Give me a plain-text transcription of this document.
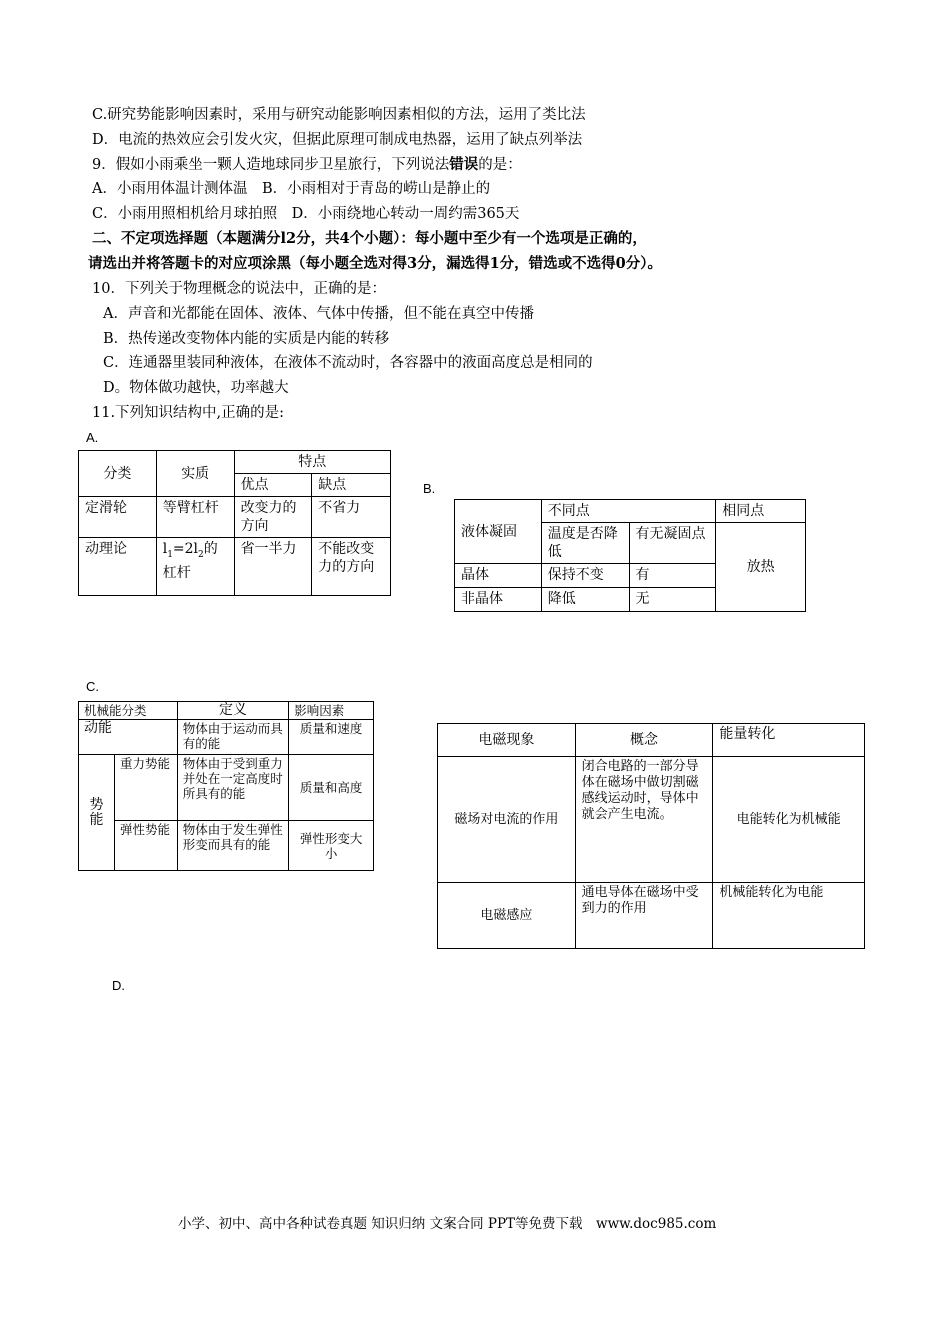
C.研究势能影响因素时，采用与研究动能影响因素相似的方法，运用了类比法
D．电流的热效应会引发火灾，但据此原理可制成电热器，运用了缺点列举法
9．假如小雨乘坐一颗人造地球同步卫星旅行，下列说法错误的是：
A．小雨用体温计测体温　B．小雨相对于青岛的崂山是静止的
C．小雨用照相机给月球拍照　D．小雨绕地心转动一周约需365天
二、不定项选择题（本题满分l2分，共4个小题）：每小题中至少有一个选项是正确的，
请选出并将答题卡的对应项涂黑（每小题全选对得3分，漏选得1分，错选或不选得0分）。
10．下列关于物理概念的说法中，正确的是：
A．声音和光都能在固体、液体、气体中传播，但不能在真空中传播
B．热传递改变物体内能的实质是内能的转移
C．连通器里装同种液体，在液体不流动时，各容器中的液面高度总是相同的
D。物体做功越快，功率越大
11.下列知识结构中,正确的是:
A.
B.
C.
D.
分类	实质	特点	
		优点	缺点
定滑轮	等臂杠杆	改变力的方向	不省力
动理论	$l_1=2l_2$的杠杆	省一半力	不能改变力的方向
液体凝固	不同点		相同点
	温度是否降低	有无凝固点	放热
晶体	保持不变	有	
非晶体	降低	无	
机械能分类		定义	影响因素
动能		物体由于运动而具有的能	质量和速度
势能	重力势能	物体由于受到重力并处在一定高度时所具有的能	质量和高度
	弹性势能	物体由于发生弹性形变而具有的能	弹性形变大小
电磁现象	概念	能量转化
磁场对电流的作用	闭合电路的一部分导体在磁场中做切割磁感线运动时，导体中就会产生电流。	电能转化为机械能
电磁感应	通电导体在磁场中受到力的作用	机械能转化为电能
小学、初中、高中各种试卷真题 知识归纳 文案合同 PPT等免费下载　www.doc985.com
